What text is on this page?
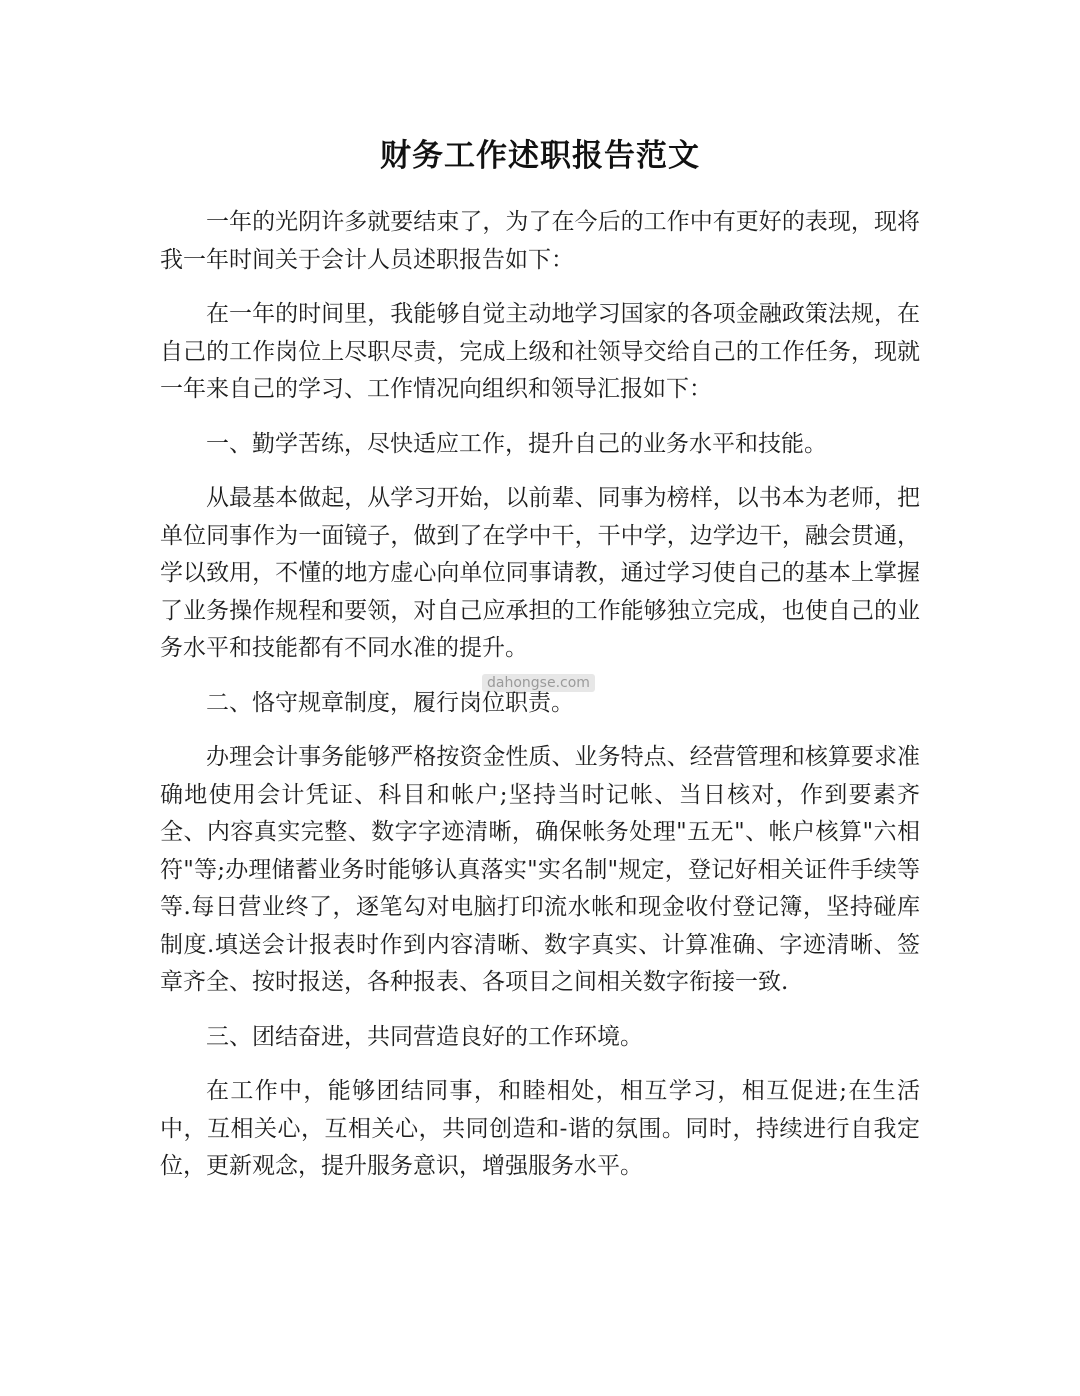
财务工作述职报告范文

一年的光阴许多就要结束了，为了在今后的工作中有更好的表现，现将我一年时间关于会计人员述职报告如下：

在一年的时间里，我能够自觉主动地学习国家的各项金融政策法规，在自己的工作岗位上尽职尽责，完成上级和社领导交给自己的工作任务，现就一年来自己的学习、工作情况向组织和领导汇报如下：

一、勤学苦练，尽快适应工作，提升自己的业务水平和技能。

从最基本做起，从学习开始，以前辈、同事为榜样，以书本为老师，把单位同事作为一面镜子，做到了在学中干，干中学，边学边干，融会贯通，学以致用，不懂的地方虚心向单位同事请教，通过学习使自己的基本上掌握了业务操作规程和要领，对自己应承担的工作能够独立完成，也使自己的业务水平和技能都有不同水准的提升。

二、恪守规章制度，履行岗位职责。

办理会计事务能够严格按资金性质、业务特点、经营管理和核算要求准确地使用会计凭证、科目和帐户;坚持当时记帐、当日核对，作到要素齐全、内容真实完整、数字字迹清晰，确保帐务处理"五无"、帐户核算"六相符"等;办理储蓄业务时能够认真落实"实名制"规定，登记好相关证件手续等等.每日营业终了，逐笔勾对电脑打印流水帐和现金收付登记簿，坚持碰库制度.填送会计报表时作到内容清晰、数字真实、计算准确、字迹清晰、签章齐全、按时报送，各种报表、各项目之间相关数字衔接一致.

三、团结奋进，共同营造良好的工作环境。

在工作中，能够团结同事，和睦相处，相互学习，相互促进;在生活中，互相关心，互相关心，共同创造和-谐的氛围。同时，持续进行自我定位，更新观念，提升服务意识，增强服务水平。

dahongse.com
